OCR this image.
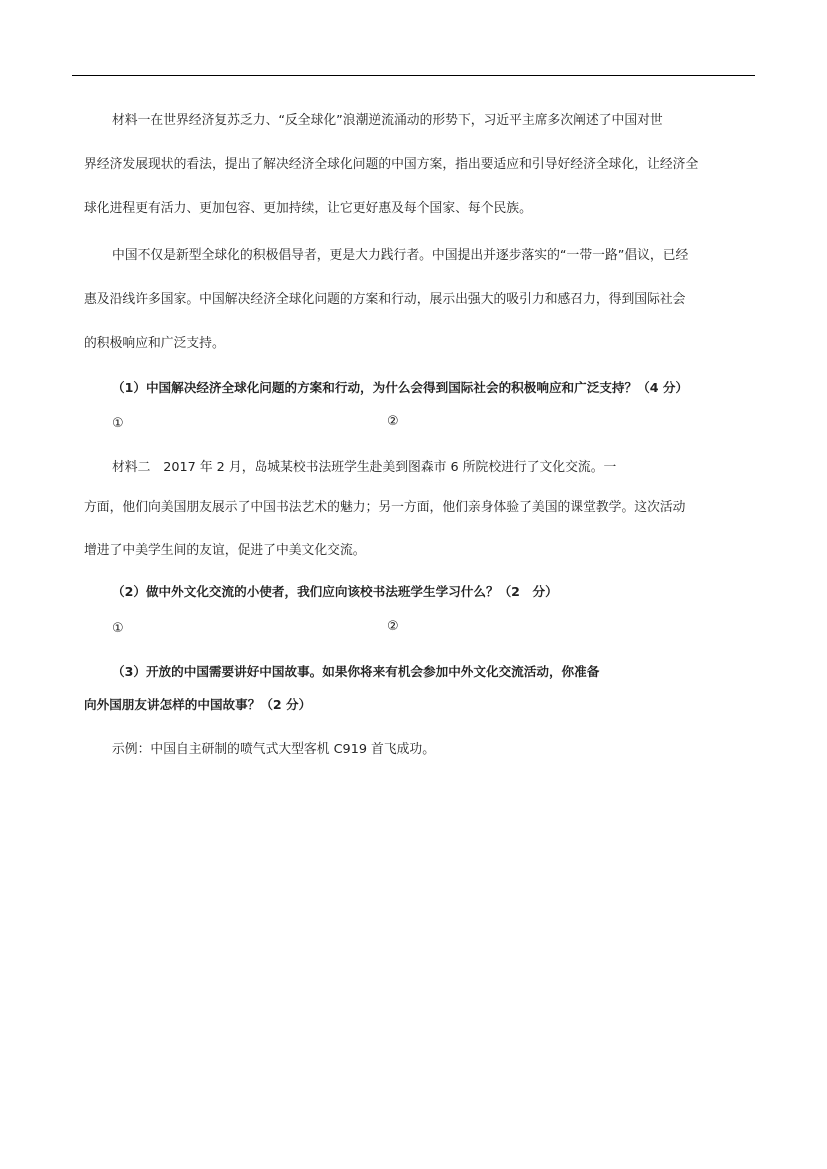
材料一在世界经济复苏乏力、“反全球化”浪潮逆流涌动的形势下，习近平主席多次阐述了中国对世
界经济发展现状的看法，提出了解决经济全球化问题的中国方案，指出要适应和引导好经济全球化，让经济全
球化进程更有活力、更加包容、更加持续，让它更好惠及每个国家、每个民族。
中国不仅是新型全球化的积极倡导者，更是大力践行者。中国提出并逐步落实的“一带一路”倡议，已经
惠及沿线许多国家。中国解决经济全球化问题的方案和行动，展示出强大的吸引力和感召力，得到国际社会
的积极响应和广泛支持。
（1）中国解决经济全球化问题的方案和行动，为什么会得到国际社会的积极响应和广泛支持？（4 分）
①	②
材料二　2017 年 2 月，岛城某校书法班学生赴美到图森市 6 所院校进行了文化交流。一
方面，他们向美国朋友展示了中国书法艺术的魅力；另一方面，他们亲身体验了美国的课堂教学。这次活动
增进了中美学生间的友谊，促进了中美文化交流。
（2）做中外文化交流的小使者，我们应向该校书法班学生学习什么？（2　分）
①	②
（3）开放的中国需要讲好中国故事。如果你将来有机会参加中外文化交流活动，你准备
向外国朋友讲怎样的中国故事？（2 分）
示例：中国自主研制的喷气式大型客机 C919 首飞成功。
